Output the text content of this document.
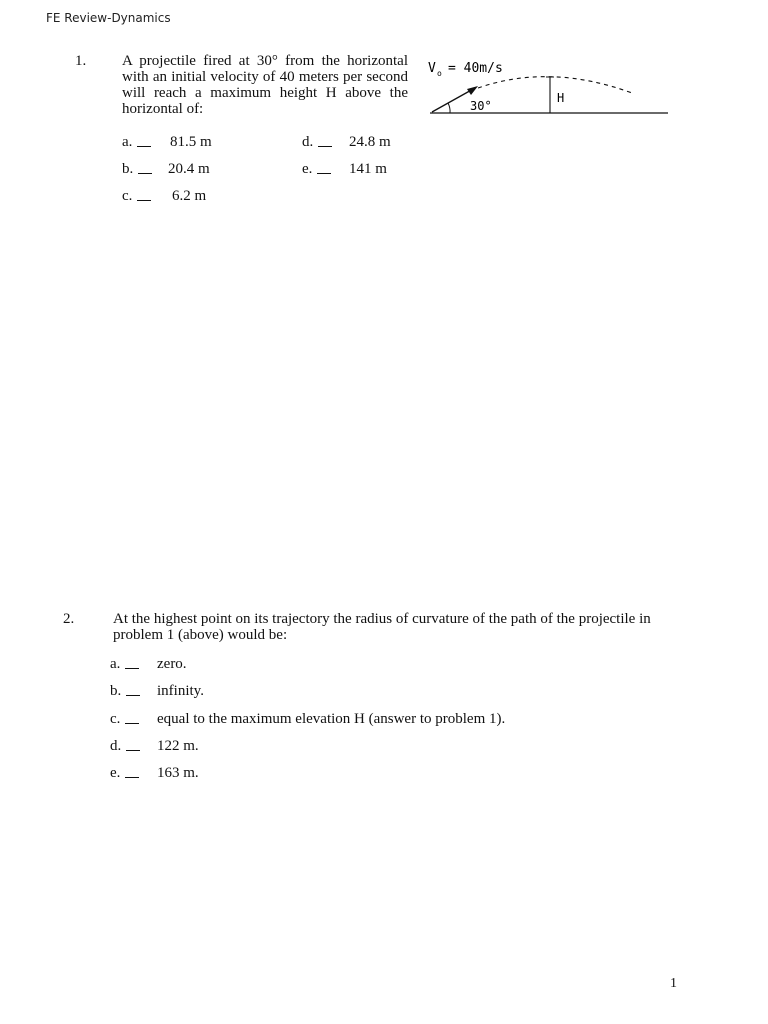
FE Review-Dynamics
1. A projectile fired at 30° from the horizontal with an initial velocity of 40 meters per second will reach a maximum height H above the horizontal of:
V o = 40m/s
30°
H
a.	81.5 m
b. 20.4 m
c.	6.2 m
d. 24.8 m
e. 141 m
2.	At the highest point on its trajectory the radius of curvature of the path of the projectile in problem 1 (above) would be:
a. zero.
b. infinity.
c. equal to the maximum elevation H (answer to problem 1).
d. 122 m.
e. 163 m.
1
